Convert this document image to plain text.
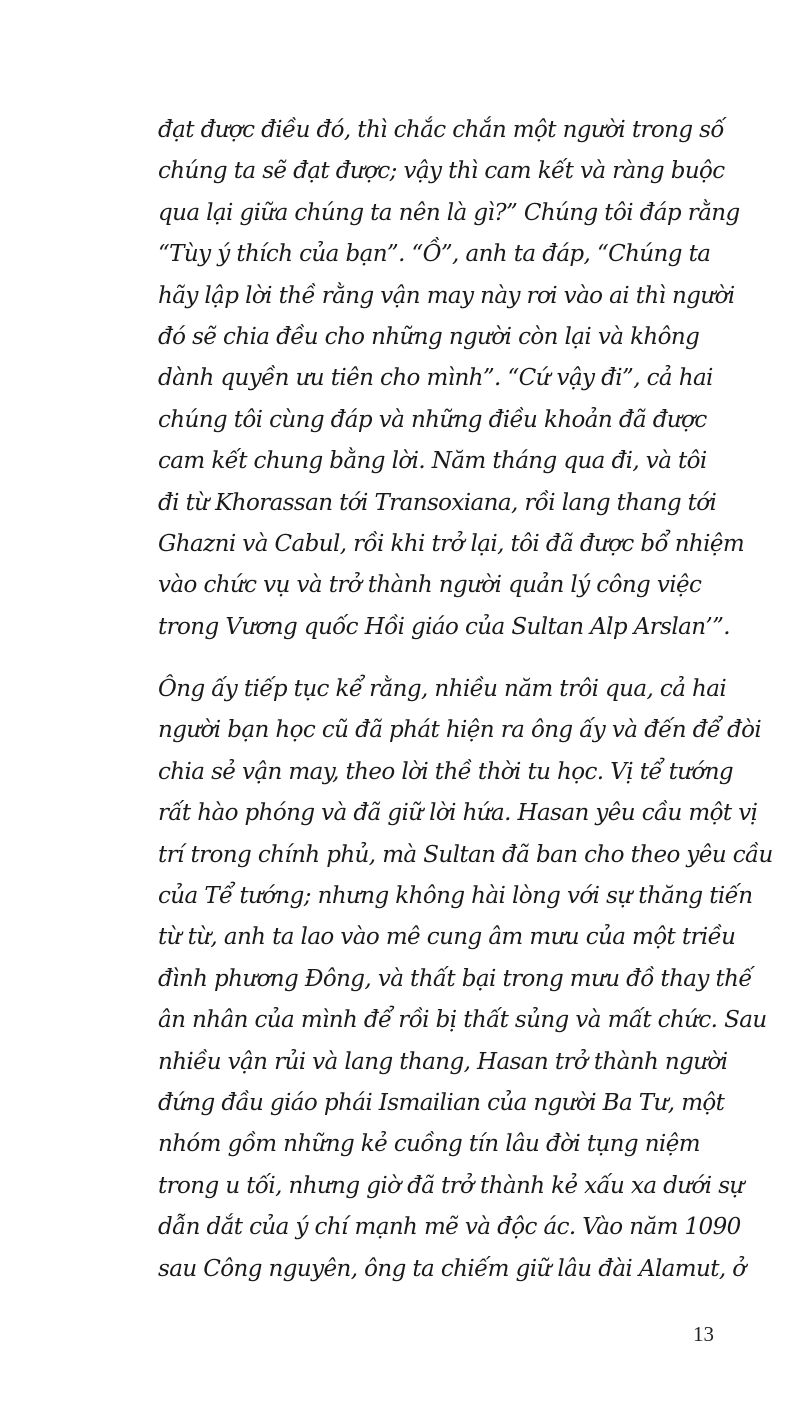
đạt được điều đó, thì chắc chắn một người trong số
chúng ta sẽ đạt được; vậy thì cam kết và ràng buộc
qua lại giữa chúng ta nên là gì?” Chúng tôi đáp rằng
“Tùy ý thích của bạn”. “Ồ”, anh ta đáp, “Chúng ta
hãy lập lời thề rằng vận may này rơi vào ai thì người
đó sẽ chia đều cho những người còn lại và không
dành quyền ưu tiên cho mình”. “Cứ vậy đi”, cả hai
chúng tôi cùng đáp và những điều khoản đã được
cam kết chung bằng lời. Năm tháng qua đi, và tôi
đi từ Khorassan tới Transoxiana, rồi lang thang tới
Ghazni và Cabul, rồi khi trở lại, tôi đã được bổ nhiệm
vào chức vụ và trở thành người quản lý công việc
trong Vương quốc Hồi giáo của Sultan Alp Arslan’”.

Ông ấy tiếp tục kể rằng, nhiều năm trôi qua, cả hai
người bạn học cũ đã phát hiện ra ông ấy và đến để đòi
chia sẻ vận may, theo lời thề thời tu học. Vị tể tướng
rất hào phóng và đã giữ lời hứa. Hasan yêu cầu một vị
trí trong chính phủ, mà Sultan đã ban cho theo yêu cầu
của Tể tướng; nhưng không hài lòng với sự thăng tiến
từ từ, anh ta lao vào mê cung âm mưu của một triều
đình phương Đông, và thất bại trong mưu đồ thay thế
ân nhân của mình để rồi bị thất sủng và mất chức. Sau
nhiều vận rủi và lang thang, Hasan trở thành người
đứng đầu giáo phái Ismailian của người Ba Tư, một
nhóm gồm những kẻ cuồng tín lâu đời tụng niệm
trong u tối, nhưng giờ đã trở thành kẻ xấu xa dưới sự
dẫn dắt của ý chí mạnh mẽ và độc ác. Vào năm 1090
sau Công nguyên, ông ta chiếm giữ lâu đài Alamut, ở

13
